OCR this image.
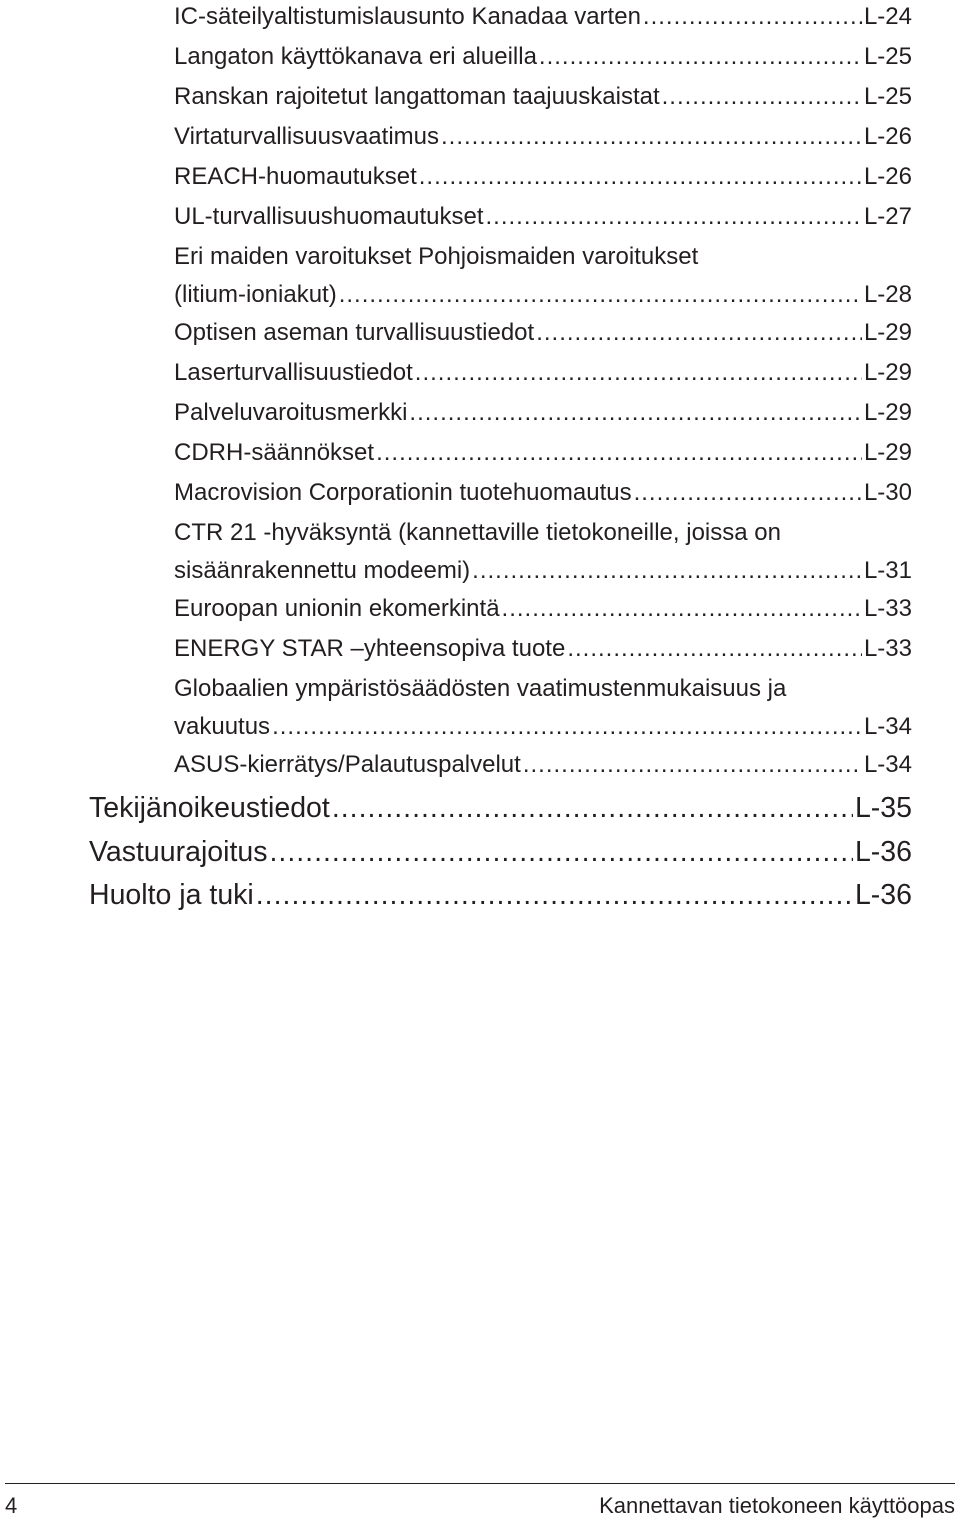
IC-säteilyaltistumislausunto Kanadaa varten .....	L-24
Langaton käyttökanava eri alueilla .....	L-25
Ranskan rajoitetut langattoman taajuuskaistat .....	L-25
Virtaturvallisuusvaatimus .....	L-26
REACH-huomautukset .....	L-26
UL-turvallisuushuomautukset .....	L-27
Eri maiden varoitukset Pohjoismaiden varoitukset
(litium-ioniakut) .....	L-28
Optisen aseman turvallisuustiedot .....	L-29
Laserturvallisuustiedot .....	L-29
Palveluvaroitusmerkki .....	L-29
CDRH-säännökset .....	L-29
Macrovision Corporationin tuotehuomautus .....	L-30
CTR 21 -hyväksyntä (kannettaville tietokoneille, joissa on
sisäänrakennettu modeemi) .....	L-31
Euroopan unionin ekomerkintä .....	L-33
ENERGY STAR –yhteensopiva tuote .....	L-33
Globaalien ympäristösäädösten vaatimustenmukaisuus ja
vakuutus .....	L-34
ASUS-kierrätys/Palautuspalvelut .....	L-34
Tekijänoikeustiedot .....	L-35
Vastuurajoitus .....	L-36
Huolto ja tuki .....	L-36
4	Kannettavan tietokoneen käyttöopas
